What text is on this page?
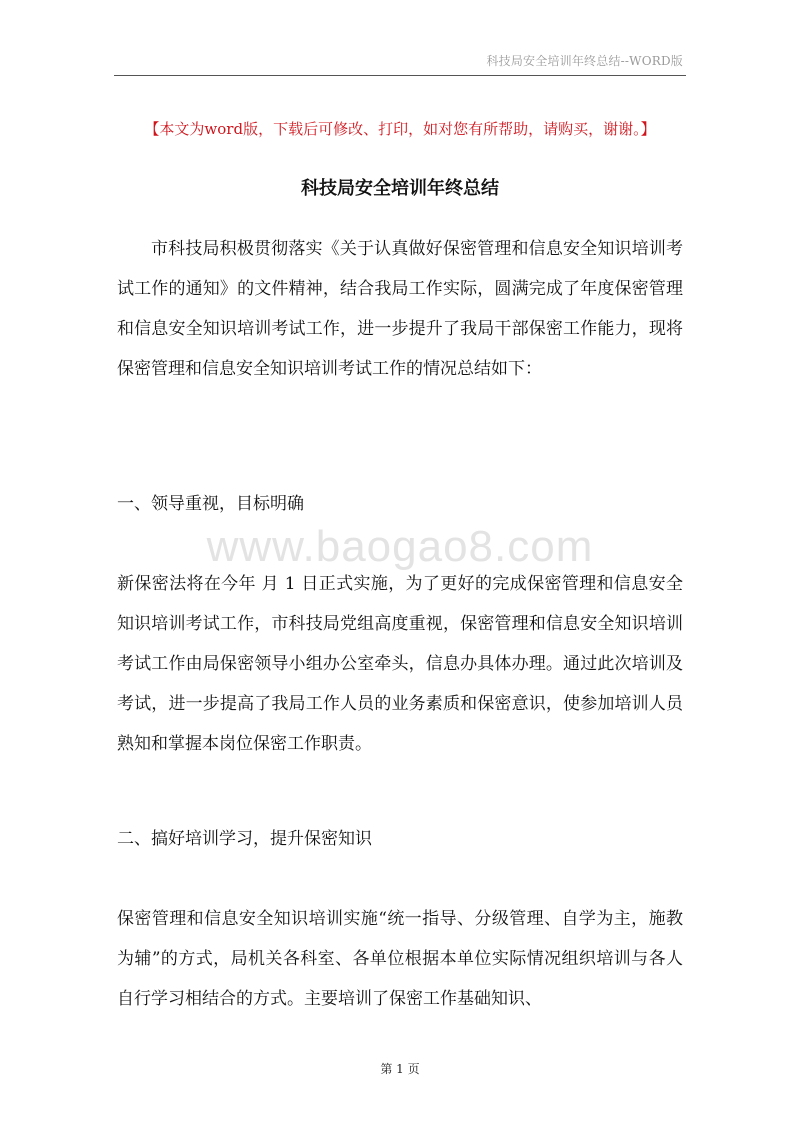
科技局安全培训年终总结--WORD版
【本文为word版，下载后可修改、打印，如对您有所帮助，请购买，谢谢。】
科技局安全培训年终总结

市科技局积极贯彻落实《关于认真做好保密管理和信息安全知识培训考试工作的通知》的文件精神，结合我局工作实际，圆满完成了年度保密管理和信息安全知识培训考试工作，进一步提升了我局干部保密工作能力，现将保密管理和信息安全知识培训考试工作的情况总结如下：

一、领导重视，目标明确

www.baogao8.com

新保密法将在今年 月 1 日正式实施，为了更好的完成保密管理和信息安全知识培训考试工作，市科技局党组高度重视，保密管理和信息安全知识培训考试工作由局保密领导小组办公室牵头，信息办具体办理。通过此次培训及考试，进一步提高了我局工作人员的业务素质和保密意识，使参加培训人员熟知和掌握本岗位保密工作职责。

二、搞好培训学习，提升保密知识

保密管理和信息安全知识培训实施“统一指导、分级管理、自学为主，施教为辅”的方式，局机关各科室、各单位根据本单位实际情况组织培训与各人自行学习相结合的方式。主要培训了保密工作基础知识、

第 1 页
